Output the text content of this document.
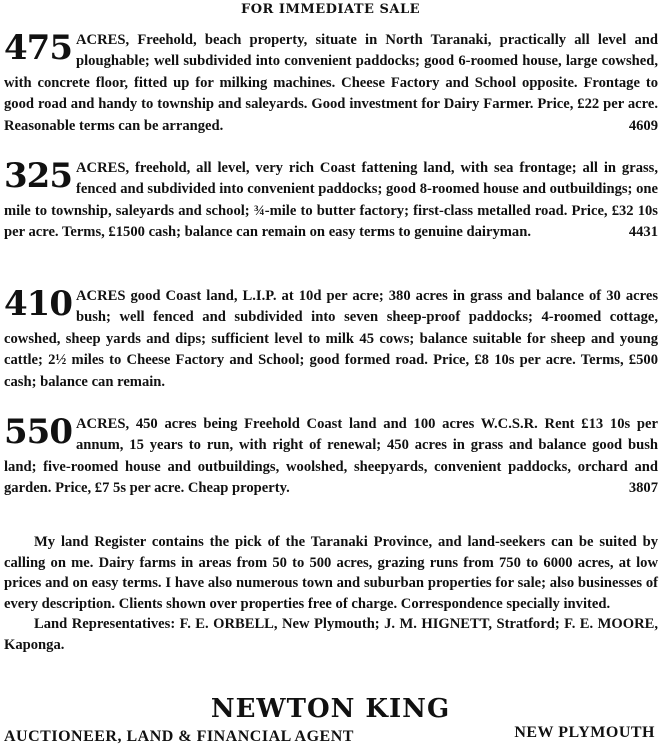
FOR IMMEDIATE SALE
475 ACRES, Freehold, beach property, situate in North Taranaki, practically all level and ploughable; well subdivided into convenient paddocks; good 6-roomed house, large cowshed, with concrete floor, fitted up for milking machines. Cheese Factory and School opposite. Frontage to good road and handy to township and saleyards. Good investment for Dairy Farmer. Price, £22 per acre. Reasonable terms can be arranged.	4609
325 ACRES, freehold, all level, very rich Coast fattening land, with sea frontage; all in grass, fenced and subdivided into convenient paddocks; good 8-roomed house and outbuildings; one mile to township, saleyards and school; ¾-mile to butter factory; first-class metalled road. Price, £32 10s per acre. Terms, £1500 cash; balance can remain on easy terms to genuine dairyman.	4431
410 ACRES good Coast land, L.I.P. at 10d per acre; 380 acres in grass and balance of 30 acres bush; well fenced and subdivided into seven sheep-proof paddocks; 4-roomed cottage, cowshed, sheep yards and dips; sufficient level to milk 45 cows; balance suitable for sheep and young cattle; 2½ miles to Cheese Factory and School; good formed road. Price, £8 10s per acre. Terms, £500 cash; balance can remain.
550 ACRES, 450 acres being Freehold Coast land and 100 acres W.C.S.R. Rent £13 10s per annum, 15 years to run, with right of renewal; 450 acres in grass and balance good bush land; five-roomed house and outbuildings, woolshed, sheepyards, convenient paddocks, orchard and garden. Price, £7 5s per acre. Cheap property.	3807

My land Register contains the pick of the Taranaki Province, and land-seekers can be suited by calling on me. Dairy farms in areas from 50 to 500 acres, grazing runs from 750 to 6000 acres, at low prices and on easy terms. I have also numerous town and suburban properties for sale; also businesses of every description. Clients shown over properties free of charge. Correspondence specially invited.

Land Representatives: F. E. ORBELL, New Plymouth; J. M. HIGNETT, Stratford; F. E. MOORE, Kaponga.

NEWTON KING
AUCTIONEER, LAND & FINANCIAL AGENT	NEW PLYMOUTH
